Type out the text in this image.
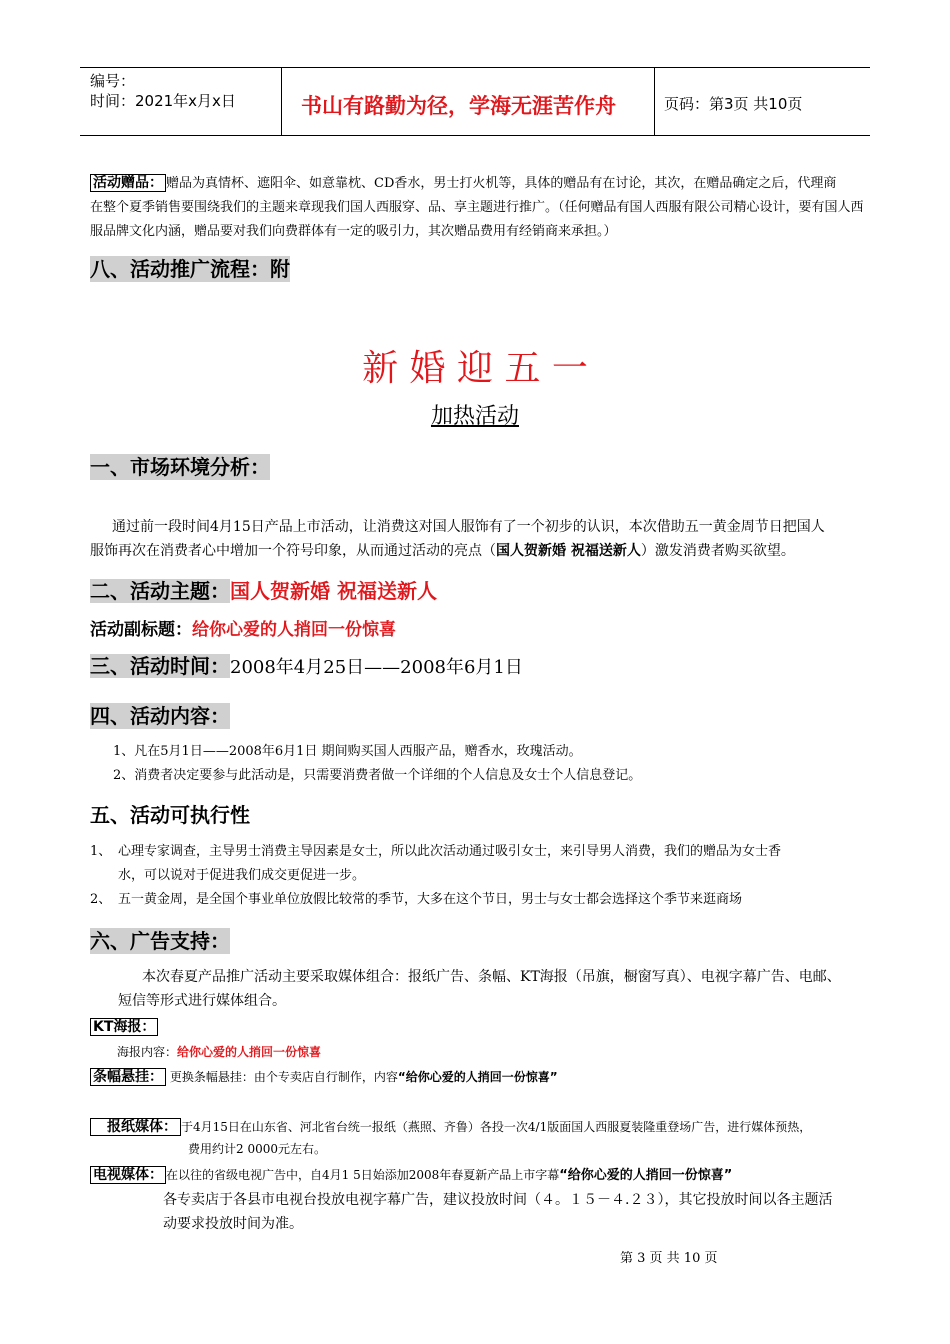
编号：
时间：2021年x月x日	书山有路勤为径，学海无涯苦作舟	页码：第3页 共10页
活动赠品： 赠品为真情杯、遮阳伞、如意靠枕、CD香水，男士打火机等，具体的赠品有在讨论，其次，在赠品确定之后，代理商
在整个夏季销售要围绕我们的主题来章现我们国人西服穿、品、享主题进行推广。（任何赠品有国人西服有限公司精心设计，要有国人西
服品牌文化内涵，赠品要对我们向费群体有一定的吸引力，其次赠品费用有经销商来承担。）
八、活动推广流程：附
新 婚 迎 五 一
加热活动
一、市场环境分析：
通过前一段时间4月15日产品上市活动，让消费这对国人服饰有了一个初步的认识，本次借助五一黄金周节日把国人
服饰再次在消费者心中增加一个符号印象，从而通过活动的亮点（国人贺新婚 祝福送新人）激发消费者购买欲望。
二、活动主题：国人贺新婚 祝福送新人
活动副标题：给你心爱的人捎回一份惊喜
三、活动时间：2008年4月25日——2008年6月1日
四、活动内容：
1、凡在5月1日——2008年6月1日 期间购买国人西服产品，赠香水，玫瑰活动。
2、消费者决定要参与此活动是，只需要消费者做一个详细的个人信息及女士个人信息登记。
五、活动可执行性
1、 心理专家调查，主导男士消费主导因素是女士，所以此次活动通过吸引女士，来引导男人消费，我们的赠品为女士香
水，可以说对于促进我们成交更促进一步。
2、 五一黄金周，是全国个事业单位放假比较常的季节，大多在这个节日，男士与女士都会选择这个季节来逛商场
六、广告支持：
本次春夏产品推广活动主要采取媒体组合：报纸广告、条幅、KT海报（吊旗，橱窗写真）、电视字幕广告、电邮、
短信等形式进行媒体组合。
KT海报：
海报内容：给你心爱的人捎回一份惊喜
条幅悬挂： 更换条幅悬挂：由个专卖店自行制作，内容“给你心爱的人捎回一份惊喜”
报纸媒体： 于4月15日在山东省、河北省台统一报纸（燕照、齐鲁）各投一次4/1版面国人西服夏装隆重登场广告，进行媒体预热，
费用约计2 0000元左右。
电视媒体： 在以往的省级电视广告中，自4月1 5日始添加2008年春夏新产品上市字幕“给你心爱的人捎回一份惊喜”
各专卖店于各县市电视台投放电视字幕广告，建议投放时间（４。１５－４.２３），其它投放时间以各主题活
动要求投放时间为准。
第 3 页 共 10 页
